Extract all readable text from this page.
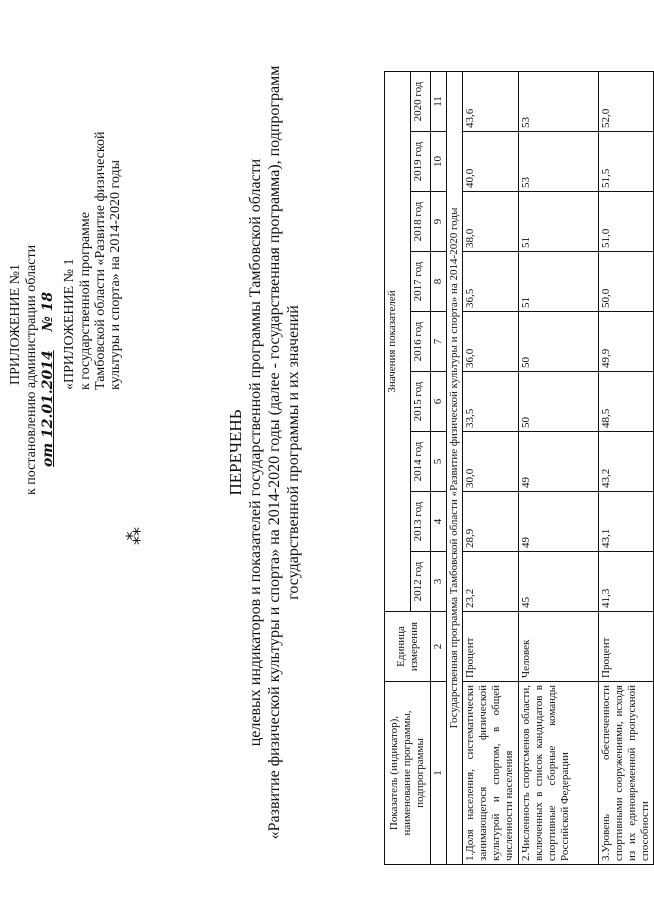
ПРИЛОЖЕНИЕ №1 к постановлению администрации области от 12.01.2014 № 18 «ПРИЛОЖЕНИЕ № 1 к государственной программе Тамбовской области «Развитие физической культуры и спорта» на 2014-2020 годы
⁂
ПЕРЕЧЕНЬ целевых индикаторов и показателей государственной программы Тамбовской области «Развитие физической культуры и спорта» на 2014-2020 годы (далее - государственная программа), подпрограмм государственной программы и их значений
Показатель (индикатор), наименование программы, подпрограммы	Единица измерения	Значения показателей								
		2012 год	2013 год	2014 год	2015 год	2016 год	2017 год	2018 год	2019 год	2020 год
1	2	3	4	5	6	7	8	9	10	11
Государственная программа Тамбовской области «Развитие физической культуры и спорта» на 2014-2020 годы										
1.Доля населения, систематически занимающегося физической культурой и спортом, в общей численности населения	Процент	23,2	28,9	30,0	33,5	36,0	36,5	38,0	40,0	43,6
2.Численность спортсменов области, включенных в список кандидатов в спортивные сборные команды Российской Федерации	Человек	45	49	49	50	50	51	51	53	53
3.Уровень обеспеченности спортивными сооружениями, исходя из их единовременной пропускной способности	Процент	41,3	43,1	43,2	48,5	49,9	50,0	51,0	51,5	52,0
